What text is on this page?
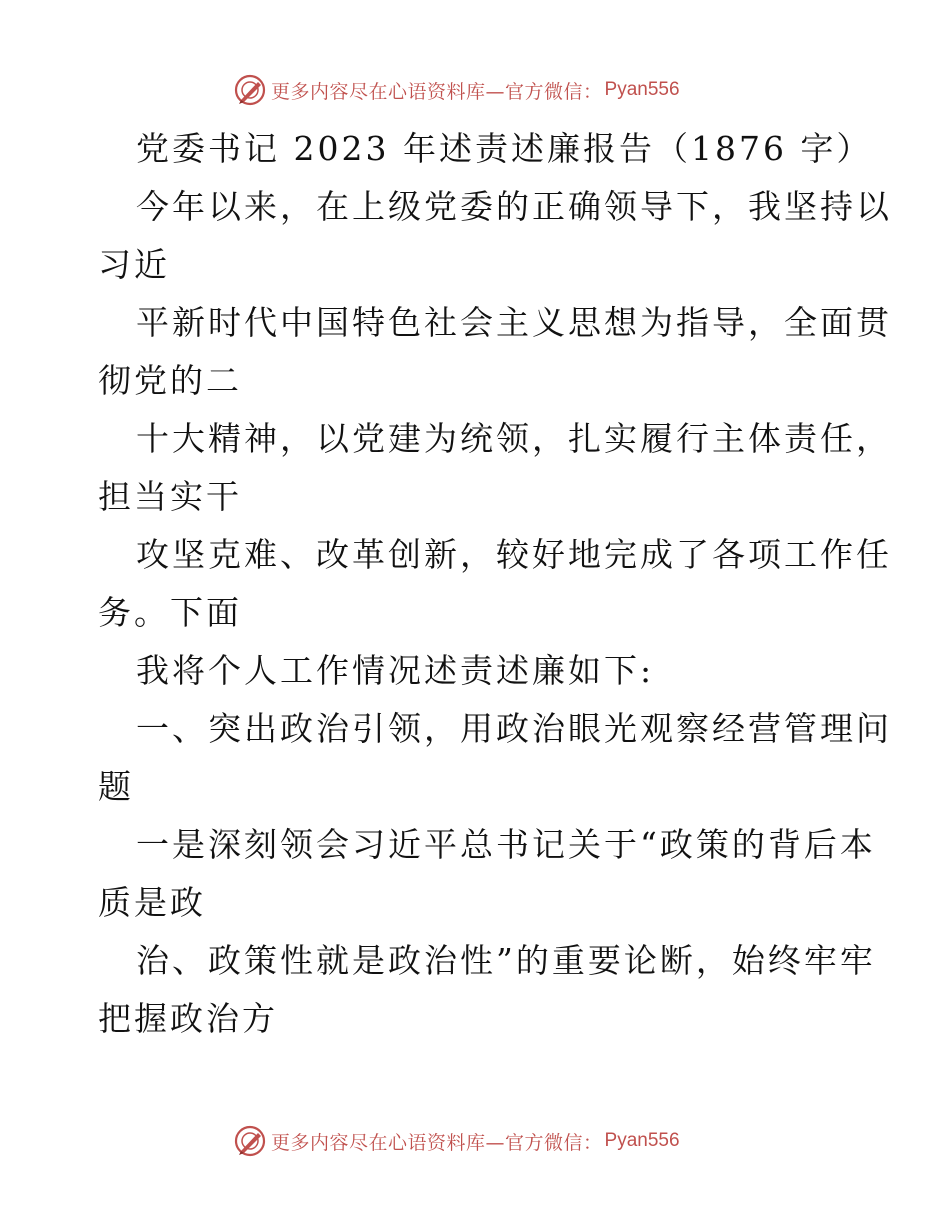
更多内容尽在心语资料库—官方微信： Pyan556
党委书记 2023 年述责述廉报告（1876 字）
今年以来，在上级党委的正确领导下，我坚持以
习近
平新时代中国特色社会主义思想为指导，全面贯
彻党的二
十大精神，以党建为统领，扎实履行主体责任，
担当实干
攻坚克难、改革创新，较好地完成了各项工作任
务。下面
我将个人工作情况述责述廉如下:
一、突出政治引领，用政治眼光观察经营管理问
题
一是深刻领会习近平总书记关于“政策的背后本
质是政
治、政策性就是政治性”的重要论断，始终牢牢
把握政治方
更多内容尽在心语资料库—官方微信： Pyan556
